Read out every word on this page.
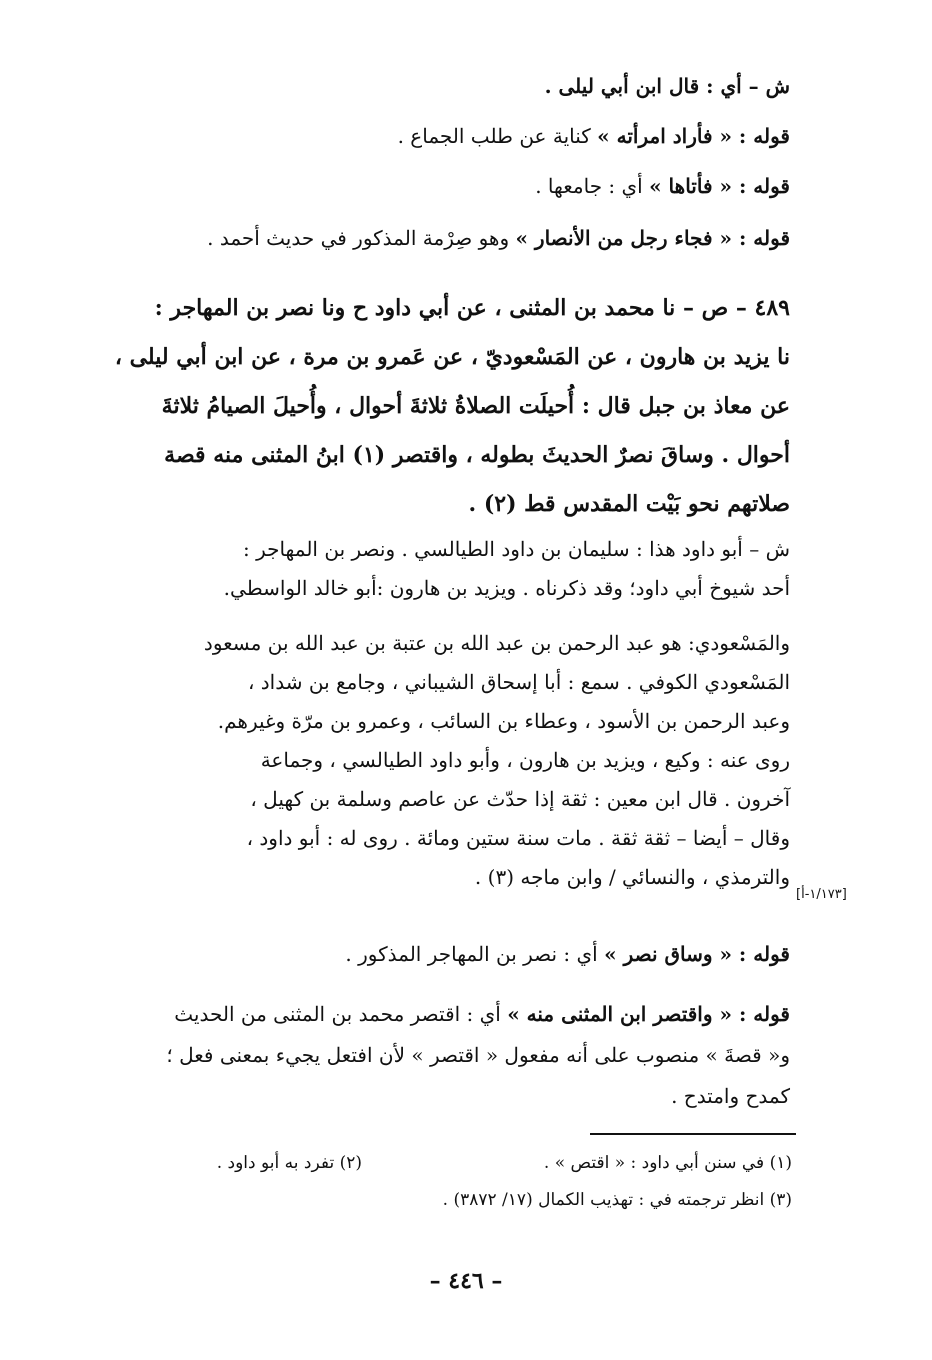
ش – أي : قال ابن أبي ليلى .
قوله : « فأراد امرأته » كناية عن طلب الجماع .
قوله : « فأتاها » أي : جامعها .
قوله : « فجاء رجل من الأنصار » وهو صِرْمة المذكور في حديث أحمد .

٤٨٩ – ص – نا محمد بن المثنى ، عن أبي داود ح ونا نصر بن المهاجر :

نا يزيد بن هارون ، عن المَسْعوديّ ، عن عَمرو بن مرة ، عن ابن أبي ليلى ،

عن معاذ بن جبل قال : أُحيلَت الصلاةُ ثلاثةَ أحوال ، وأُحيلَ الصيامُ ثلاثةَ

أحوال . وساقَ نصرٌ الحديثَ بطوله ، واقتصر (١) ابنُ المثنى منه قصة

صلاتهم نحو بَيْت المقدس قط (٢) .

ش – أبو داود هذا : سليمان بن داود الطيالسي . ونصر بن المهاجر :

أحد شيوخ أبي داود؛ وقد ذكرناه . ويزيد بن هارون :أبو خالد الواسطي.

والمَسْعودي: هو عبد الرحمن بن عبد الله بن عتبة بن عبد الله بن مسعود

المَسْعودي الكوفي . سمع : أبا إسحاق الشيباني ، وجامع بن شداد ،

وعبد الرحمن بن الأسود ، وعطاء بن السائب ، وعمرو بن مرّة وغيرهم.

روى عنه : وكيع ، ويزيد بن هارون ، وأبو داود الطيالسي ، وجماعة

آخرون . قال ابن معين : ثقة إذا حدّث عن عاصم وسلمة بن كهيل ،

وقال – أيضا – ثقة ثقة . مات سنة ستين ومائة . روى له : أبو داود ،

والترمذي ، والنسائي / وابن ماجه (٣) .

[١/١٧٣-أ]
قوله : « وساق نصر » أي : نصر بن المهاجر المذكور .

قوله : « واقتصر ابن المثنى منه » أي : اقتصر محمد بن المثنى من الحديث

و« قصةَ » منصوب على أنه مفعول « اقتصر » لأن افتعل يجيء بمعنى فعل ؛

كمدح وامتدح .

(١) في سنن أبي داود : « اقتص » .
(٢) تفرد به أبو داود .
(٣) انظر ترجمته في : تهذيب الكمال (١٧/ ٣٨٧٢) .
– ٤٤٦ –
